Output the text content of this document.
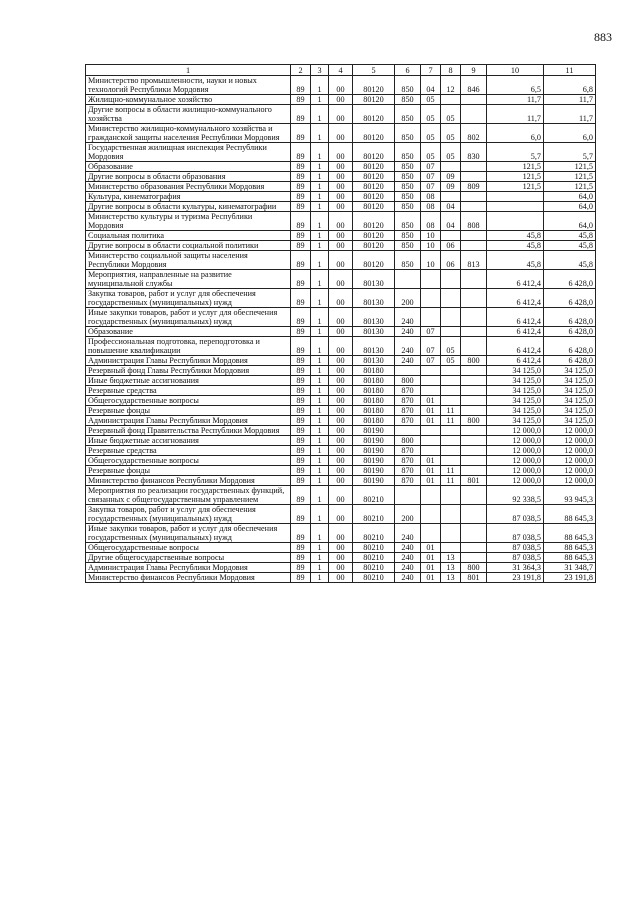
883
1	2	3	4	5	6	7	8	9	10	11
Министерство промышленности, науки и новых технологий Республики Мордовия	89	1	00	80120	850	04	12	846	6,5	6,8
Жилищно-коммунальное хозяйство	89	1	00	80120	850	05			11,7	11,7
Другие вопросы в области жилищно-коммунального хозяйства	89	1	00	80120	850	05	05		11,7	11,7
Министерство жилищно-коммунального хозяйства и гражданской защиты населения Республики Мордовия	89	1	00	80120	850	05	05	802	6,0	6,0
Государственная жилищная инспекция Республики Мордовия	89	1	00	80120	850	05	05	830	5,7	5,7
Образование	89	1	00	80120	850	07			121,5	121,5
Другие вопросы в области образования	89	1	00	80120	850	07	09		121,5	121,5
Министерство образования Республики Мордовия	89	1	00	80120	850	07	09	809	121,5	121,5
Культура, кинематография	89	1	00	80120	850	08				64,0
Другие вопросы в области культуры, кинематографии	89	1	00	80120	850	08	04			64,0
Министерство культуры и туризма Республики Мордовия	89	1	00	80120	850	08	04	808		64,0
Социальная политика	89	1	00	80120	850	10			45,8	45,8
Другие вопросы в области социальной политики	89	1	00	80120	850	10	06		45,8	45,8
Министерство социальной защиты населения Республики Мордовия	89	1	00	80120	850	10	06	813	45,8	45,8
Мероприятия, направленные на развитие муниципальной службы	89	1	00	80130					6 412,4	6 428,0
Закупка товаров, работ и услуг для обеспечения государственных (муниципальных) нужд	89	1	00	80130	200				6 412,4	6 428,0
Иные закупки товаров, работ и услуг для обеспечения государственных (муниципальных) нужд	89	1	00	80130	240				6 412,4	6 428,0
Образование	89	1	00	80130	240	07			6 412,4	6 428,0
Профессиональная подготовка, переподготовка и повышение квалификации	89	1	00	80130	240	07	05		6 412,4	6 428,0
Администрация Главы Республики Мордовия	89	1	00	80130	240	07	05	800	6 412,4	6 428,0
Резервный фонд Главы Республики Мордовия	89	1	00	80180					34 125,0	34 125,0
Иные бюджетные ассигнования	89	1	00	80180	800				34 125,0	34 125,0
Резервные средства	89	1	00	80180	870				34 125,0	34 125,0
Общегосударственные вопросы	89	1	00	80180	870	01			34 125,0	34 125,0
Резервные фонды	89	1	00	80180	870	01	11		34 125,0	34 125,0
Администрация Главы Республики Мордовия	89	1	00	80180	870	01	11	800	34 125,0	34 125,0
Резервный фонд Правительства Республики Мордовия	89	1	00	80190					12 000,0	12 000,0
Иные бюджетные ассигнования	89	1	00	80190	800				12 000,0	12 000,0
Резервные средства	89	1	00	80190	870				12 000,0	12 000,0
Общегосударственные вопросы	89	1	00	80190	870	01			12 000,0	12 000,0
Резервные фонды	89	1	00	80190	870	01	11		12 000,0	12 000,0
Министерство финансов Республики Мордовия	89	1	00	80190	870	01	11	801	12 000,0	12 000,0
Мероприятия по реализации государственных функций, связанных с общегосударственным управлением	89	1	00	80210					92 338,5	93 945,3
Закупка товаров, работ и услуг для обеспечения государственных (муниципальных) нужд	89	1	00	80210	200				87 038,5	88 645,3
Иные закупки товаров, работ и услуг для обеспечения государственных (муниципальных) нужд	89	1	00	80210	240				87 038,5	88 645,3
Общегосударственные вопросы	89	1	00	80210	240	01			87 038,5	88 645,3
Другие общегосударственные вопросы	89	1	00	80210	240	01	13		87 038,5	88 645,3
Администрация Главы Республики Мордовия	89	1	00	80210	240	01	13	800	31 364,3	31 348,7
Министерство финансов Республики Мордовия	89	1	00	80210	240	01	13	801	23 191,8	23 191,8
